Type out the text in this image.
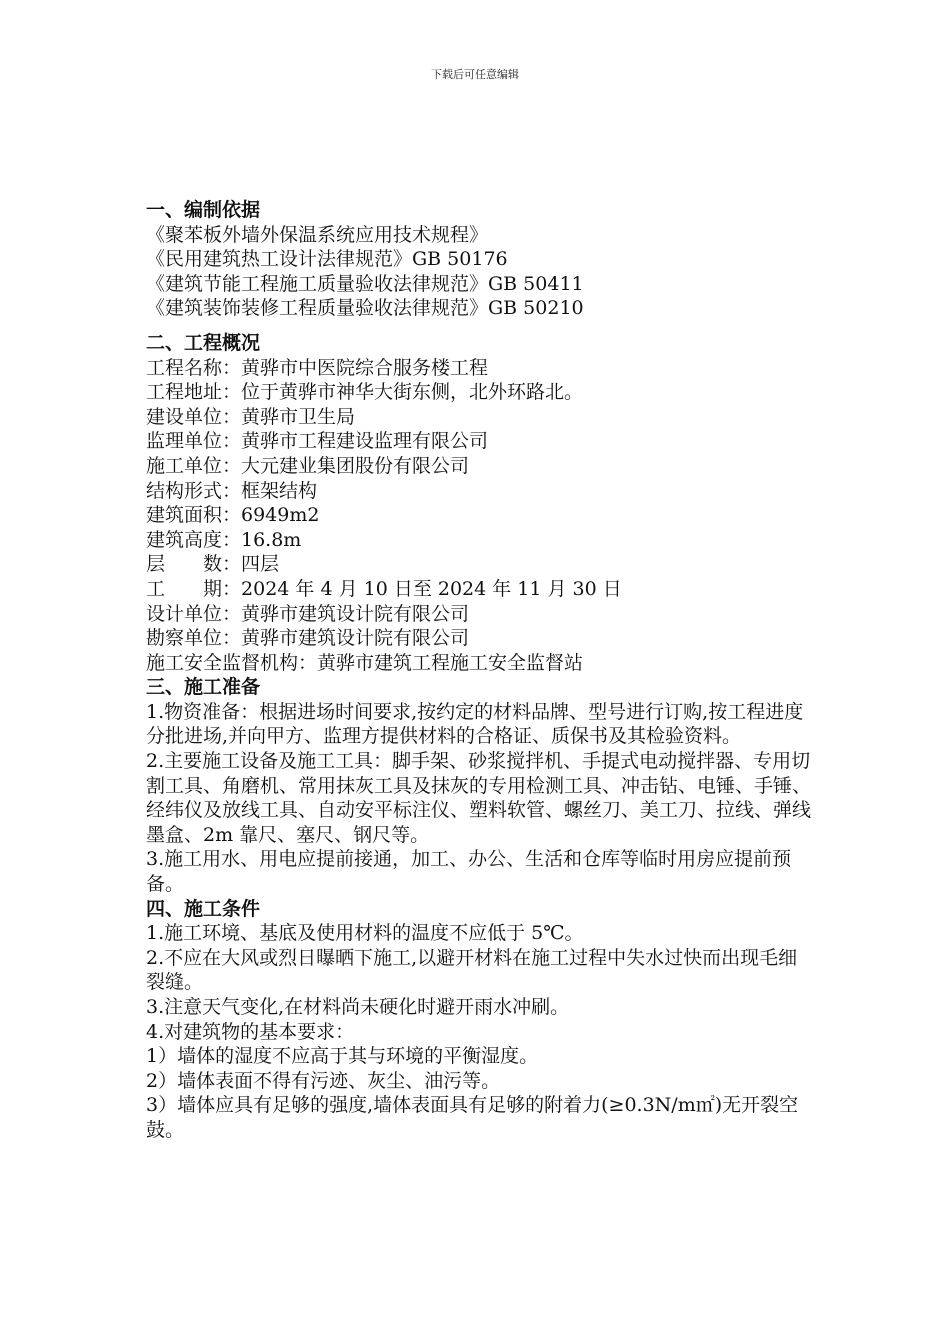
下载后可任意编辑
一、编制依据
《聚苯板外墙外保温系统应用技术规程》
《民用建筑热工设计法律规范》GB 50176
《建筑节能工程施工质量验收法律规范》GB 50411
《建筑装饰装修工程质量验收法律规范》GB 50210
二、工程概况
工程名称：黄骅市中医院综合服务楼工程
工程地址：位于黄骅市神华大街东侧，北外环路北。
建设单位：黄骅市卫生局
监理单位：黄骅市工程建设监理有限公司
施工单位：大元建业集团股份有限公司
结构形式：框架结构
建筑面积：6949m2
建筑高度：16.8m
层　　数：四层
工　　期：2024 年 4 月 10 日至 2024 年 11 月 30 日
设计单位：黄骅市建筑设计院有限公司
勘察单位：黄骅市建筑设计院有限公司
施工安全监督机构：黄骅市建筑工程施工安全监督站
三、施工准备
1.物资准备：根据进场时间要求,按约定的材料品牌、型号进行订购,按工程进度分批进场,并向甲方、监理方提供材料的合格证、质保书及其检验资料。
2.主要施工设备及施工工具：脚手架、砂浆搅拌机、手提式电动搅拌器、专用切割工具、角磨机、常用抹灰工具及抹灰的专用检测工具、冲击钻、电锤、手锤、经纬仪及放线工具、自动安平标注仪、塑料软管、螺丝刀、美工刀、拉线、弹线墨盒、2m 靠尺、塞尺、钢尺等。
3.施工用水、用电应提前接通，加工、办公、生活和仓库等临时用房应提前预备。
四、施工条件
1.施工环境、基底及使用材料的温度不应低于 5℃。
2.不应在大风或烈日曝晒下施工,以避开材料在施工过程中失水过快而出现毛细裂缝。
3.注意天气变化,在材料尚未硬化时避开雨水冲刷。
4.对建筑物的基本要求：
1）墙体的湿度不应高于其与环境的平衡湿度。
2）墙体表面不得有污迹、灰尘、油污等。
3）墙体应具有足够的强度,墙体表面具有足够的附着力(≥0.3N/m㎡)无开裂空鼓。
